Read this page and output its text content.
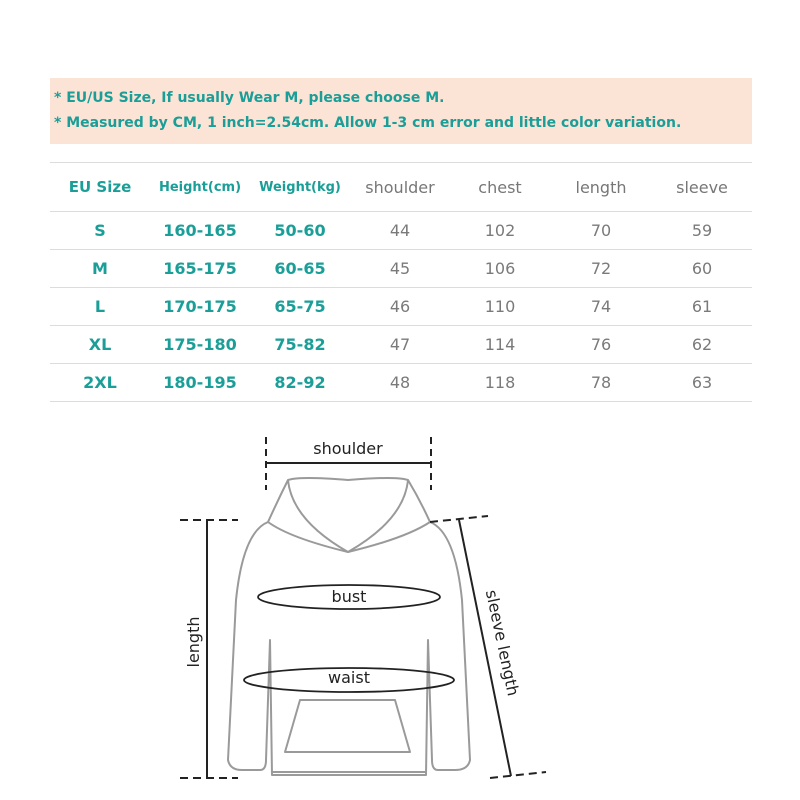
* EU/US Size, If usually Wear M, please choose M.
* Measured by CM, 1 inch=2.54cm. Allow 1-3 cm error and little color variation.
EU Size	Height(cm)	Weight(kg)	shoulder	chest	length	sleeve
S	160-165	50-60	44	102	70	59
M	165-175	60-65	45	106	72	60
L	170-175	65-75	46	110	74	61
XL	175-180	75-82	47	114	76	62
2XL	180-195	82-92	48	118	78	63
shoulder
bust
waist
length	sleeve length
